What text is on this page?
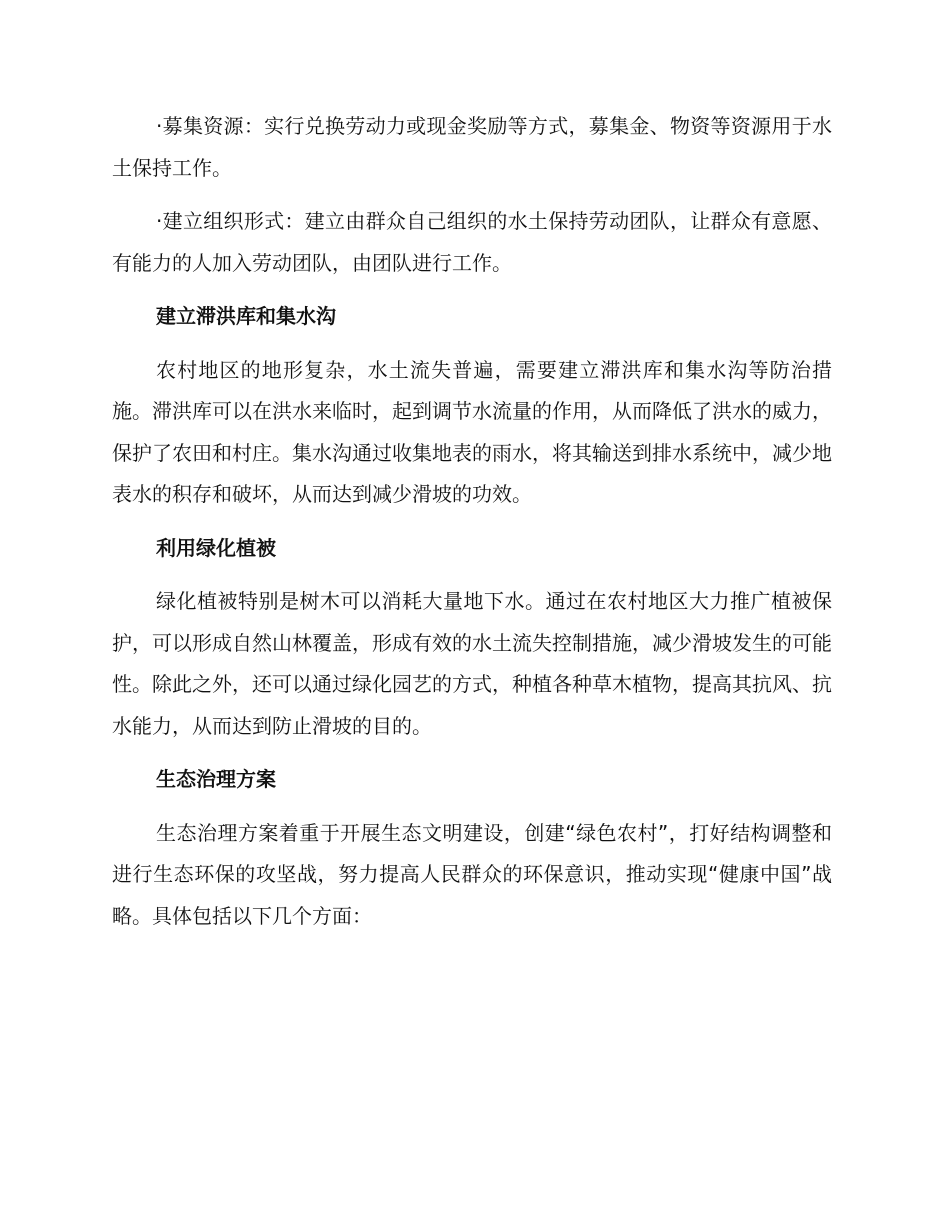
·募集资源：实行兑换劳动力或现金奖励等方式，募集金、物资等资源用于水土保持工作。

·建立组织形式：建立由群众自己组织的水土保持劳动团队，让群众有意愿、有能力的人加入劳动团队，由团队进行工作。

建立滞洪库和集水沟

农村地区的地形复杂，水土流失普遍，需要建立滞洪库和集水沟等防治措施。滞洪库可以在洪水来临时，起到调节水流量的作用，从而降低了洪水的威力，保护了农田和村庄。集水沟通过收集地表的雨水，将其输送到排水系统中，减少地表水的积存和破坏，从而达到减少滑坡的功效。

利用绿化植被

绿化植被特别是树木可以消耗大量地下水。通过在农村地区大力推广植被保护，可以形成自然山林覆盖，形成有效的水土流失控制措施，减少滑坡发生的可能性。除此之外，还可以通过绿化园艺的方式，种植各种草木植物，提高其抗风、抗水能力，从而达到防止滑坡的目的。

生态治理方案

生态治理方案着重于开展生态文明建设，创建“绿色农村”，打好结构调整和进行生态环保的攻坚战，努力提高人民群众的环保意识，推动实现“健康中国”战略。具体包括以下几个方面：
